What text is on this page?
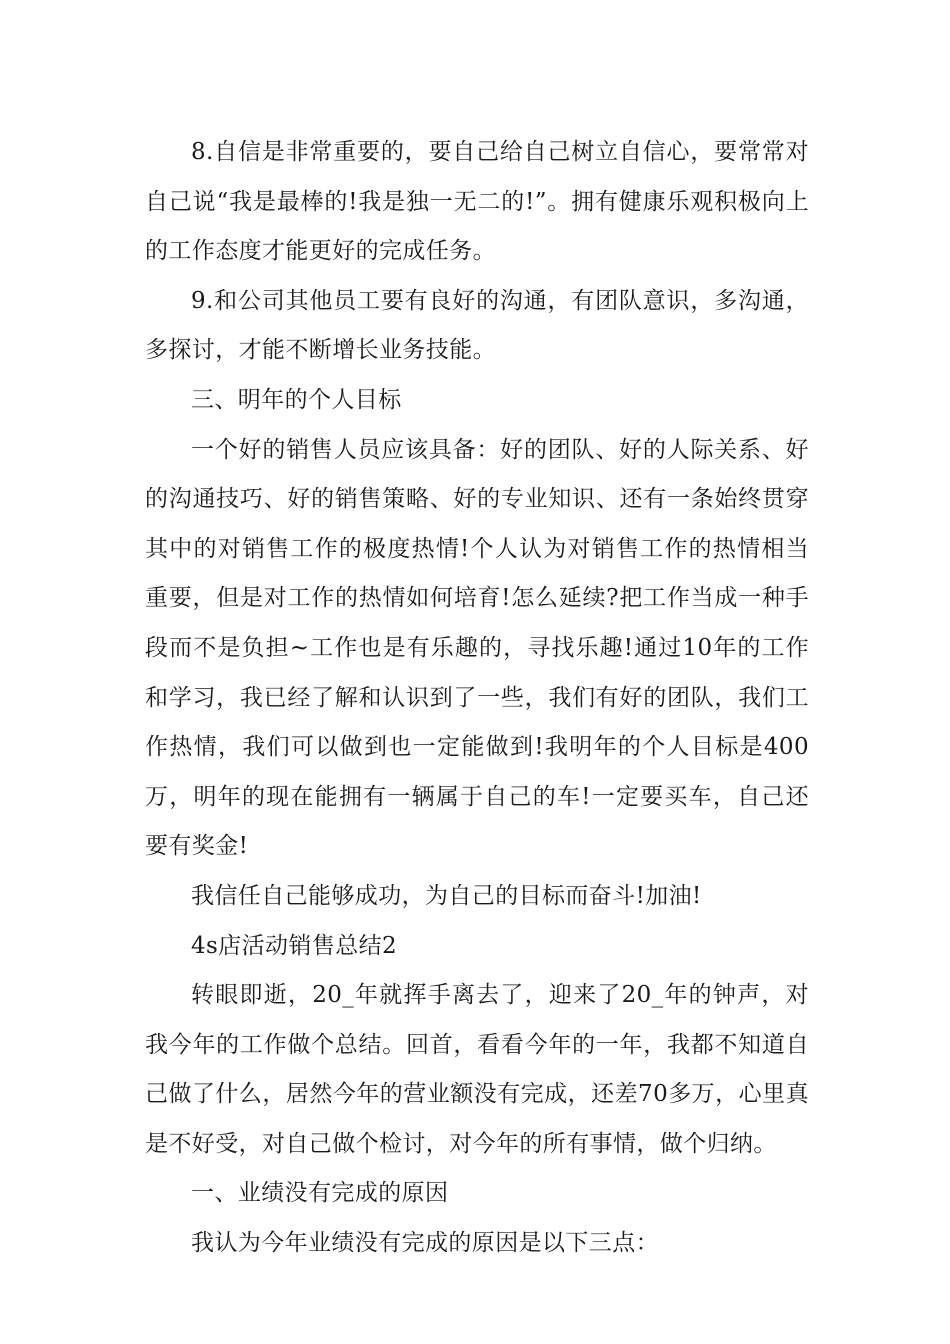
8.自信是非常重要的，要自己给自己树立自信心，要常常对自己说“我是最棒的!我是独一无二的!”。拥有健康乐观积极向上的工作态度才能更好的完成任务。

9.和公司其他员工要有良好的沟通，有团队意识，多沟通，多探讨，才能不断增长业务技能。

三、明年的个人目标

一个好的销售人员应该具备：好的团队、好的人际关系、好的沟通技巧、好的销售策略、好的专业知识、还有一条始终贯穿其中的对销售工作的极度热情!个人认为对销售工作的热情相当重要，但是对工作的热情如何培育!怎么延续?把工作当成一种手段而不是负担~工作也是有乐趣的，寻找乐趣!通过10年的工作和学习，我已经了解和认识到了一些，我们有好的团队，我们工作热情，我们可以做到也一定能做到!我明年的个人目标是400万，明年的现在能拥有一辆属于自己的车!一定要买车，自己还要有奖金!

我信任自己能够成功，为自己的目标而奋斗!加油!

4s店活动销售总结2

转眼即逝，20_年就挥手离去了，迎来了20_年的钟声，对我今年的工作做个总结。回首，看看今年的一年，我都不知道自己做了什么，居然今年的营业额没有完成，还差70多万，心里真是不好受，对自己做个检讨，对今年的所有事情，做个归纳。

一、业绩没有完成的原因

我认为今年业绩没有完成的原因是以下三点：
